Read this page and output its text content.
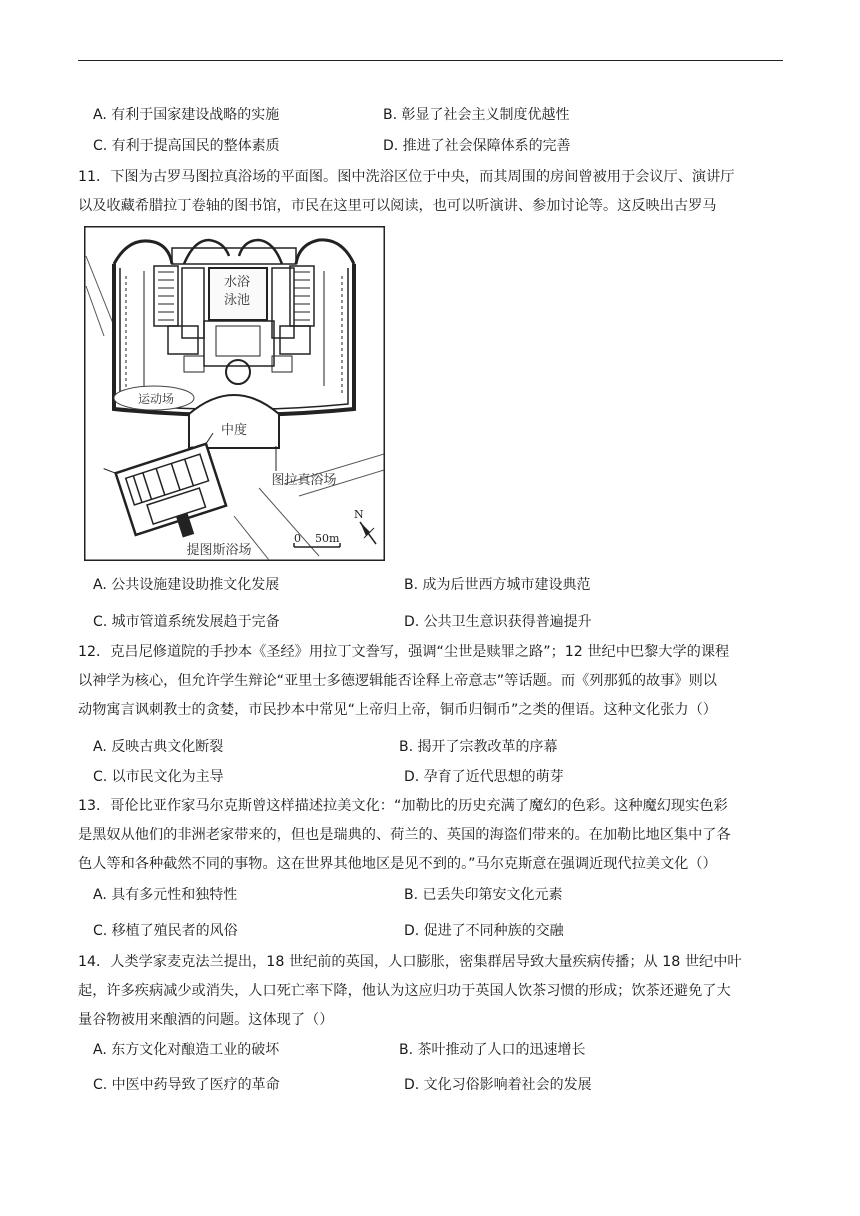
A. 有利于国家建设战略的实施	B. 彰显了社会主义制度优越性
C. 有利于提高国民的整体素质	D. 推进了社会保障体系的完善
11．下图为古罗马图拉真浴场的平面图。图中洗浴区位于中央，而其周围的房间曾被用于会议厅、演讲厅
以及收藏希腊拉丁卷轴的图书馆，市民在这里可以阅读，也可以听演讲、参加讨论等。这反映出古罗马
水浴
泳池
运动场
中度
图拉真浴场
提图斯浴场
0    50m
N
A. 公共设施建设助推文化发展	B. 成为后世西方城市建设典范
C. 城市管道系统发展趋于完备	D. 公共卫生意识获得普遍提升
12．克吕尼修道院的手抄本《圣经》用拉丁文誊写，强调“尘世是赎罪之路”；12 世纪中巴黎大学的课程
以神学为核心，但允许学生辩论“亚里士多德逻辑能否诠释上帝意志”等话题。而《列那狐的故事》则以
动物寓言讽刺教士的贪婪，市民抄本中常见“上帝归上帝，铜币归铜币”之类的俚语。这种文化张力（）
A. 反映古典文化断裂	B. 揭开了宗教改革的序幕
C. 以市民文化为主导	D. 孕育了近代思想的萌芽
13．哥伦比亚作家马尔克斯曾这样描述拉美文化：“加勒比的历史充满了魔幻的色彩。这种魔幻现实色彩
是黑奴从他们的非洲老家带来的，但也是瑞典的、荷兰的、英国的海盗们带来的。在加勒比地区集中了各
色人等和各种截然不同的事物。这在世界其他地区是见不到的。”马尔克斯意在强调近现代拉美文化（）
A. 具有多元性和独特性	B. 已丢失印第安文化元素
C. 移植了殖民者的风俗	D. 促进了不同种族的交融
14．人类学家麦克法兰提出，18 世纪前的英国，人口膨胀，密集群居导致大量疾病传播；从 18 世纪中叶
起，许多疾病减少或消失，人口死亡率下降，他认为这应归功于英国人饮茶习惯的形成；饮茶还避免了大
量谷物被用来酿酒的问题。这体现了（）
A. 东方文化对酿造工业的破坏	B. 茶叶推动了人口的迅速增长
C. 中医中药导致了医疗的革命	D. 文化习俗影响着社会的发展
